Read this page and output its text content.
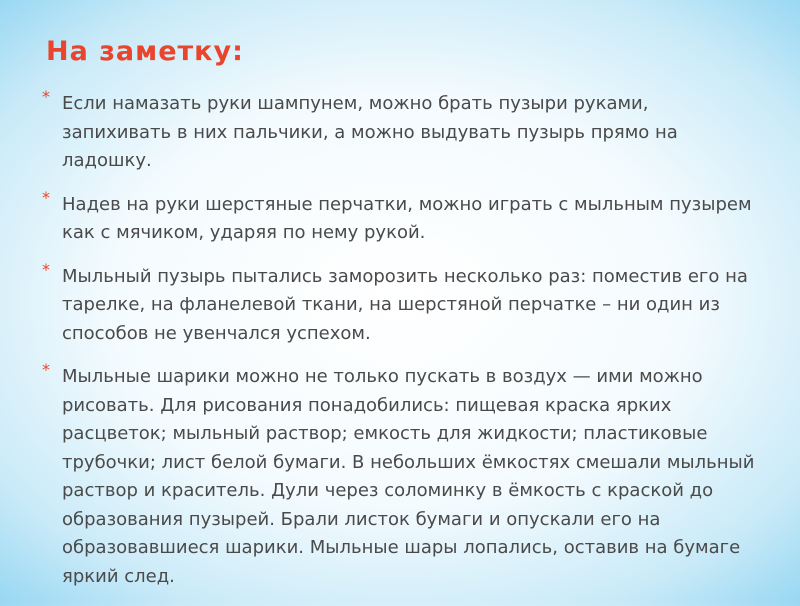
На заметку:
* Если намазать руки шампунем, можно брать пузыри руками, запихивать в них пальчики, а можно выдувать пузырь прямо на ладошку.
* Надев на руки шерстяные перчатки, можно играть с мыльным пузырем как с мячиком, ударяя по нему рукой.
* Мыльный пузырь пытались заморозить несколько раз: поместив его на тарелке, на фланелевой ткани, на шерстяной перчатке – ни один из способов не увенчался успехом.
* Мыльные шарики можно не только пускать в воздух — ими можно рисовать. Для рисования понадобились: пищевая краска ярких расцветок; мыльный раствор; емкость для жидкости; пластиковые трубочки; лист белой бумаги. В небольших ёмкостях смешали мыльный раствор и краситель. Дули через соломинку в ёмкость с краской до образования пузырей. Брали листок бумаги и опускали его на образовавшиеся шарики. Мыльные шары лопались, оставив на бумаге яркий след.
